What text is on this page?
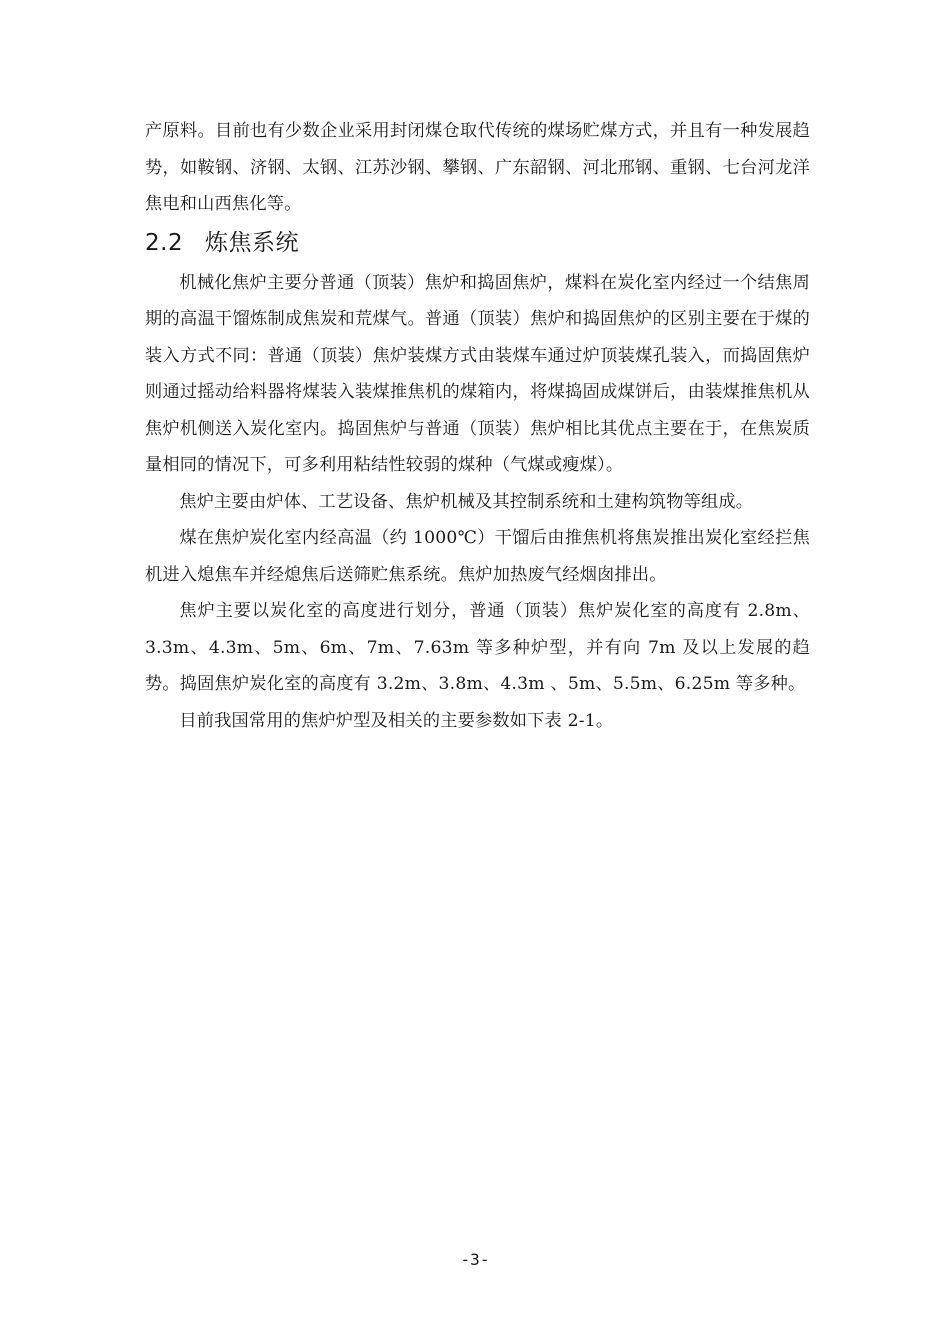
产原料。目前也有少数企业采用封闭煤仓取代传统的煤场贮煤方式，并且有一种发展趋势，如鞍钢、济钢、太钢、江苏沙钢、攀钢、广东韶钢、河北邢钢、重钢、七台河龙洋焦电和山西焦化等。

2.2 炼焦系统

机械化焦炉主要分普通（顶装）焦炉和捣固焦炉，煤料在炭化室内经过一个结焦周期的高温干馏炼制成焦炭和荒煤气。普通（顶装）焦炉和捣固焦炉的区别主要在于煤的装入方式不同：普通（顶装）焦炉装煤方式由装煤车通过炉顶装煤孔装入，而捣固焦炉则通过摇动给料器将煤装入装煤推焦机的煤箱内，将煤捣固成煤饼后，由装煤推焦机从焦炉机侧送入炭化室内。捣固焦炉与普通（顶装）焦炉相比其优点主要在于，在焦炭质量相同的情况下，可多利用粘结性较弱的煤种（气煤或瘦煤）。

焦炉主要由炉体、工艺设备、焦炉机械及其控制系统和土建构筑物等组成。

煤在焦炉炭化室内经高温（约 1000℃）干馏后由推焦机将焦炭推出炭化室经拦焦机进入熄焦车并经熄焦后送筛贮焦系统。焦炉加热废气经烟囱排出。

焦炉主要以炭化室的高度进行划分，普通（顶装）焦炉炭化室的高度有 2.8m、3.3m、4.3m、5m、6m、7m、7.63m 等多种炉型，并有向 7m 及以上发展的趋势。捣固焦炉炭化室的高度有 3.2m、3.8m、4.3m 、5m、5.5m、6.25m 等多种。

目前我国常用的焦炉炉型及相关的主要参数如下表 2-1。

-3-
